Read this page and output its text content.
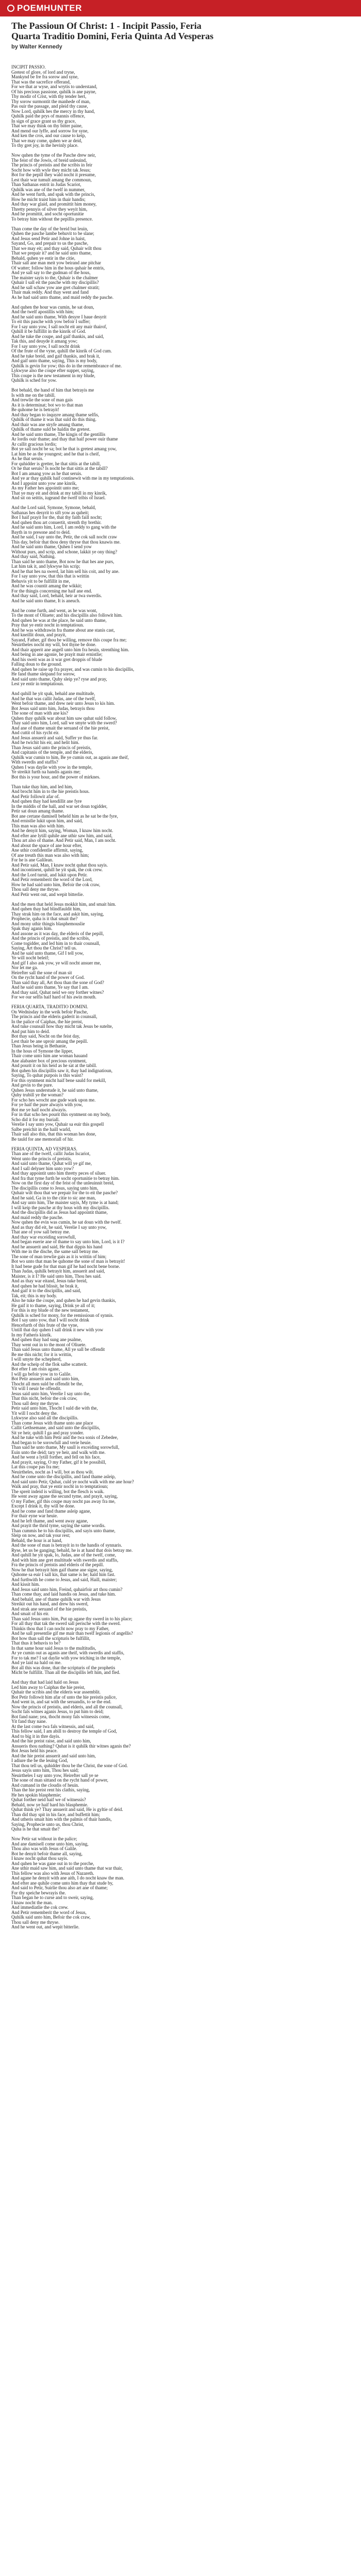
POEMHUNTER
The Passioun Of Christ: 1 - Incipit Passio, Feria
Quarta Traditio Domini, Feria Quinta Ad Vesperas
by Walter Kennedy
INCIPIT PASSIO.
Gretest of glore, of lord and tryne,
Mankynd be fre fra sorow and syne,
That was the sacrefice offerand,
For we that ar wyse, and wrytis to understand,
Of his precious passione, quhilk is ane payne,
Thy modir of Crist, with thy tender hert,
Thy sorow surmontit the manhede of man,
Pas ouir the passage, and pleid thy cause,
Now Lord, quhilk hes the mercy in thy hand,
Quhilk paid the prys of mannis offence,
In sign of grace grant us thy grace,
That we may think on thy bitter paine,
And mend our lyffe, and sorrow for syne,
And ken the cros, and our cause to keip,
That we may come, quhen we ar deid,
To thy gret joy, in the hevinly place.
Now quhen the tyme of the Pasche drew neir,
The feist of the Jowis, of breid unleuind,
The princis of preistis and the scribis in feir
Socht how with wyle they micht tak Jesus;
Bot for the pepill they wald nocht it presume,
Lest thair war tumult amang the commoun,
Than Sathanas entrit in Judas Scariot,
Quhilk was ane of the twelf in nummer,
And he went furth, and spak with the princis,
How he micht traist him in thair handis;
And thay war glaid, and promittit him money,
Thretty pennyis of silver they weyit him,
And he promittit, and socht oportunitie
To betray him without the pepillis presence.
Than come the day of the breid but leuin,
Quhen the pasche lambe behuvit to be slane;
And Jesus send Petir and Johne in haist,
Sayand, Go, and prepair to us the pasche,
That we may eit; and thay said, Quhair wilt thou
That we prepair it? and he said unto thame,
Behald, quhen ye entir in the citie,
Thair sall ane man meit yow beirand ane pitchar
Of watter; follow him in the hous quhair he entris,
And ye sall say to the gudman of the hous,
The maister sayis to the, Quhair is the chalmer
Quhair I sall eit the pasche with my discipillis?
And he sall schaw yow ane gret chalmer stratit;
Thair mak reddy. And thay went and fand
As he had said unto thame, and maid reddy the pasche.
And quhen the hour was cumin, he sat doun,
And the twelf apostillis with him;
And he said unto thame, With desyre I haue desyrit
To eit this pasche with yow befoir I suffer;
For I say unto yow, I sall nocht eit any mair thairof,
Quhill it be fulfillit in the kinrik of God.
And he tuke the coupe, and gaif thankis, and said,
Tak this, and deuyde it amang yow;
For I say unto yow, I sall nocht drink
Of the frute of the vyne, quhill the kinrik of God cum.
And he tuke breid, and gaif thankis, and brak it,
And gaif unto thame, saying, This is my body,
Quhilk is gevin for yow; this do in the remembrance of me.
Lykwyse also the coupe efter supper, saying,
This coupe is the new testament in my blude,
Quhilk is sched for yow.
Bot behald, the hand of him that betrayis me
Is with me on the tabill.
And trewlie the sone of man gais
As it is determinat; bot wo to that man
Be quhome he is betrayit!
And thay began to inquyre amang thame selfis,
Quhilk of thame it was that suld do this thing.
And thair was ane stryfe amang thame,
Quhilk of thame suld be haldin the gretest.
And he said unto thame, The kingis of the gentillis
Ar lordis ouir thame; and thay that haif power ouir thame
Ar callit gracious lordis;
Bot ye sall nocht be sa; bot he that is gretest amang yow,
Lat him be as the youngest; and he that is cheif,
As he that seruis.
For quhidder is gretter, he that sittis at the tabill,
Or he that seruis? Is nocht he that sittis at the tabill?
Bot I am amang yow as he that seruis.
And ye ar thay quhilk haif continewit with me in my temptationis.
And I appoint unto yow ane kinrik,
As my Father hes appointit unto me;
That ye may eit and drink at my tabill in my kinrik,
And sit on seittis, iugeand the twelf tribis of Israel.
And the Lord said, Symone, Symone, behald,
Sathanas hes desyrit to sift yow as quheit;
Bot I haif prayit for the, that thy faith faill nocht;
And quhen thou art conuertit, strenth thy brethir.
And he said unto him, Lord, I am reddy to gang with the
Bayth in to presone and to deid.
And he said, I say unto the, Petir, the cok sall nocht craw
This day, befoir that thou deny thryse that thou knawis me.
And he said unto thame, Quhen I send yow
Without purs, and scrip, and schone, lakkit ye ony thing?
And thay said, Nathing.
Than said he unto thame, Bot now he that hes ane purs,
Lat him tak it, and lykwyse his scrip;
And he that hes na swerd, lat him sell his coit, and by ane.
For I say unto yow, that this that is writtin
Behuvis yit to be fulfillit in me,
And he was countit amang the wikkit;
For the thingis concerning me haif ane end.
And thay said, Lord, behald, heir ar twa swerdis.
And he said unto thame, It is aneuch.
And he come furth, and went, as he was wont,
To the mont of Oliuete; and his discipillis also followit him.
And quhen he was at the place, he said unto thame,
Pray that ye entir nocht in temptatioun.
And he was withdrawin fra thame about ane stanis cast,
And kneillit doun, and prayit,
Sayand, Father, gif thou be willing, remove this coupe fra me;
Neuirtheles nocht my will, bot thyne be done.
And thair apperit ane angell unto him fra heuin, strenthing him.
And being in ane agonie, he prayit mair ernistlie;
And his sweit was as it war gret droppis of blude
Falling doun to the ground.
And quhen he raise up fra prayer, and was cumin to his discipillis,
He fand thame sleipand for sorow,
And said unto thame, Quhy sleip ye? ryse and pray,
Lest ye entir in temptatioun.
And quhill he yit spak, behald ane multitude,
And he that was callit Judas, ane of the twelf,
Went befoir thame, and drew neir unto Jesus to kis him.
Bot Jesus said unto him, Judas, betrayis thou
The sone of man with ane kis?
Quhen thay quhilk war about him saw quhat suld follow,
Thay said unto him, Lord, sall we smyte with the swerd?
And ane of thame smait the seruand of the hie preist,
And cuttit of his rycht eir.
And Jesus ansuerit and said, Suffer ye thus far.
And he twichit his eir, and helit him.
Than Jesus said unto the princis of preistis,
And capitanis of the temple, and the elderis,
Quhilk war cumin to him, Be ye cumin out, as aganis ane theif,
With swerdis and staffis?
Quhen I was daylie with yow in the temple,
Ye streikit furth na handis aganis me;
Bot this is your hour, and the power of mirknes.
Than tuke thay him, and led him,
And brocht him in to the hie preistis hous.
And Petir followit afar of.
And quhen thay had kendillit ane fyre
In the middis of the hall, and war set doun togidder,
Petir sat doun amang thame.
Bot ane certane damisell beheld him as he sat be the fyre,
And ernistlie lukit upon him, and said,
This man was also with him.
And he denyit him, saying, Woman, I knaw him nocht.
And efter ane lytill quhile ane uthir saw him, and said,
Thou art also of thame. And Petir said, Man, I am nocht.
And about the space of ane hour efter,
Ane uthir confidentlie affirmit, saying,
Of ane treuth this man was also with him;
For he is ane Galilean.
And Petir said, Man, I knaw nocht quhat thou sayis.
And incontinent, quhill he yit spak, the cok crew.
And the Lord turnit, and lukit upon Petir.
And Petir rememberit the word of the Lord,
How he had said unto him, Befoir the cok craw,
Thou sall deny me thryse.
And Petir went out, and wepit bitterlie.
And the men that held Jesus mokkit him, and smait him.
And quhen thay had blindfauldit him,
Thay strak him on the face, and askit him, saying,
Prophecie, quha is it that smait the?
And mony uthir thingis blasphemouslie
Spak thay aganis him.
And assone as it was day, the elderis of the pepill,
And the princis of preistis, and the scribis,
Come togidder, and led him in to thair counsall,
Saying, Art thou the Christ? tell us.
And he said unto thame, Gif I tell yow,
Ye will nocht beleif;
And gif I also ask yow, ye will nocht ansuer me,
Nor let me ga.
Heirefter sall the sone of man sit
On the rycht hand of the power of God.
Than said thay all, Art thou than the sone of God?
And he said unto thame, Ye say that I am.
And thay said, Quhat neid we ony forther witnes?
For we our selfis haif hard of his awin mouth.
FERIA QUARTA, TRADITIO DOMINI.
On Wednisday in the weik befoir Pasche,
The princis and the elderis gaderit in counsall,
In the palice of Caiphas, the hie preist,
And tuke counsall how thay micht tak Jesus be sutelte,
And put him to deid.
Bot thay said, Nocht on the feist day,
Lest thair be ane uproir amang the pepill.
Than Jesus being in Bethanie,
In the hous of Symone the lipper,
Thair come unto him ane woman hauand
Ane alabaster box of precious oyntment,
And pourit it on his heid as he sat at the tabill.
Bot quhen his discipillis saw it, thay had indignatioun,
Saying, To quhat purpois is this waist?
For this oyntment micht haif bene sauld for mekill,
And gevin to the pure.
Quhen Jesus understude it, he said unto thame,
Quhy trubill ye the woman?
For scho hes wrocht ane gude wark upon me.
For ye haif the pure alwayis with yow,
Bot me ye haif nocht alwayis.
For in that scho hes pourit this oyntment on my body,
Scho did it for my buriall.
Verelie I say unto yow, Quhair sa euir this gospell
Salbe preichit in the haill warld,
Thair sall also this, that this woman hes done,
Be tauld for ane memoriall of hir.
FERIA QUINTA, AD VESPERAS.
Than ane of the twelf, callit Judas Iscariot,
Went unto the princis of preistis,
And said unto thame, Quhat will ye gif me,
And I sall delyuer him unto yow?
And thay appointit unto him thretty peces of siluer.
And fra that tyme furth he socht oportunitie to betray him.
Now on the first day of the feist of the unleuinnit breid,
The discipillis come to Jesus, saying unto him,
Quhair wilt thou that we prepair for the to eit the pasche?
And he said, Ga in to the citie to sic ane man,
And say unto him, The maister sayis, My tyme is at hand;
I will keip the pasche at thy hous with my discipillis.
And the discipillis did as Jesus had appointit thame,
And maid reddy the pasche.
Now quhen the evin was cumin, he sat doun with the twelf.
And as thay did eit, he said, Verelie I say unto yow,
That ane of yow sall betray me.
And thay war exceiding sorowfull,
And began euerie ane of thame to say unto him, Lord, is it I?
And he ansuerit and said, He that dippis his hand
With me in the dische, the same sall betray me.
The sone of man trewlie gais as it is writtin of him;
Bot wo unto that man be quhome the sone of man is betrayit!
It had bene gude for that man gif he had nocht bene borne.
Than Judas, quhilk betrayit him, ansuerit and said,
Maister, is it I? He said unto him, Thou hes said.
And as thay war eitand, Jesus tuke breid,
And quhen he had blissit, he brak it,
And gaif it to the discipillis, and said,
Tak, eit; this is my body.
Also he tuke the coupe, and quhen he had gevin thankis,
He gaif it to thame, saying, Drink ye all of it;
For this is my blude of the new testament,
Quhilk is sched for mony, for the remissioun of synnis.
Bot I say unto yow, that I will nocht drink
Hencefurth of this frute of the vyne,
Untill that day quhen I sall drink it new with yow
In my Fatheris kinrik.
And quhen thay had sung ane psalme,
Thay went out in to the mont of Oliuete.
Than said Jesus unto thame, All ye sall be offendit
Be me this nicht; for it is writtin,
I will smyte the schepherd,
And the scheip of the flok salbe scatterit.
Bot efter I am risin agane,
I will ga befoir yow in to Galile.
Bot Petir ansuerit and said unto him,
Thocht all men suld be offendit be the,
Yit will I neuir be offendit.
Jesus said unto him, Verelie I say unto the,
That this nicht, befoir the cok craw,
Thou sall deny me thryse.
Petir said unto him, Thocht I suld die with the,
Yit will I nocht deny the.
Lykwyse also said all the discipillis.
Than come Jesus with thame unto ane place
Callit Gethsemane, and said unto the discipillis,
Sit ye heir, quhill I ga and pray yonder.
And he tuke with him Petir and the twa sonis of Zebedee,
And began to be sorowfull and verie heuie.
Than said he unto thame, My saull is exceiding sorowfull,
Euin unto the deid; tary ye heir, and walk with me.
And he went a lytill forther, and fell on his face,
And prayit, saying, O my Father, gif it be possibill,
Lat this coupe pas fra me;
Neuirtheles, nocht as I will, bot as thou wilt.
And he come unto the discipillis, and fand thame asleip,
And said unto Petir, Quhat, culd ye nocht walk with me ane hour?
Walk and pray, that ye entir nocht in to temptatioun;
The spreit indeid is willing, bot the flesch is waik.
He went away agane the secund tyme, and prayit, saying,
O my Father, gif this coupe may nocht pas away fra me,
Except I drink it, thy will be done.
And he come and fand thame asleip agane,
For thair eyne war heuie.
And he left thame, and went away agane,
And prayit the thrid tyme, saying the same wordis.
Than cummis he to his discipillis, and sayis unto thame,
Sleip on now, and tak your rest;
Behald, the hour is at hand,
And the sone of man is betrayit in to the handis of synnaris.
Ryse, let us be ganging; behald, he is at hand that dois betray me.
And quhill he yit spak, lo, Judas, ane of the twelf, come,
And with him ane gret multitude with swerdis and staffis,
Fra the princis of preistis and elderis of the pepill.
Now he that betrayit him gaif thame ane signe, saying,
Quhome sa euir I sall kis, that same is he; hald him fast.
And furthwith he come to Jesus, and said, Haill, maister;
And kissit him.
And Jesus said unto him, Freind, quhairfoir art thou cumin?
Than come thay, and laid handis on Jesus, and tuke him.
And behald, ane of thame quhilk war with Jesus
Streikit out his hand, and drew his swerd,
And strak ane seruand of the hie preistis,
And smait of his eir.
Than said Jesus unto him, Put up agane thy swerd in to his place;
For all thay that tak the swerd sall perische with the swerd.
Thinkis thou that I can nocht now pray to my Father,
And he sall presentlie gif me mair than twelf legionis of angellis?
Bot how than sall the scripturis be fulfillit,
That thus it behuvis to be?
In that same hour said Jesus to the multitudis,
Ar ye cumin out as aganis ane theif, with swerdis and staffis,
For to tak me? I sat daylie with yow teiching in the temple,
And ye laid na hald on me.
Bot all this was done, that the scripturis of the prophetis
Micht be fulfillit. Than all the discipillis left him, and fled.
And thay that had laid hald on Jesus
Led him away to Caiphas the hie preist,
Quhair the scribis and the elderis war assemblit.
Bot Petir followit him afar of unto the hie preistis palice,
And went in, and sat with the seruandis, to se the end.
Now the princis of preistis, and elderis, and all the counsall,
Socht fals witnes aganis Jesus, to put him to deid;
Bot fand nane; yea, thocht mony fals witnessis come,
Yit fand thay nane.
At the last come twa fals witnessis, and said,
This fellow said, I am abill to destroy the temple of God,
And to big it in thre dayis.
And the hie preist raise, and said unto him,
Ansueris thou nathing? Quhat is it quhilk thir witnes aganis the?
Bot Jesus held his peace.
And the hie preist ansuerit and said unto him,
I adiure the be the leuing God,
That thou tell us, quhidder thou be the Christ, the sone of God.
Jesus sayis unto him, Thou hes said;
Neuirtheles I say unto yow, Heirefter sall ye se
The sone of man sittand on the rycht hand of power,
And cumand in the cloudis of heuin.
Than the hie preist rent his clathis, saying,
He hes spokin blasphemie;
Quhat forther neid haif we of witnessis?
Behald, now ye haif hard his blasphemie.
Quhat think ye? Thay ansuerit and said, He is gyltie of deid.
Than did thay spit in his face, and buffettit him;
And utheris smait him with the palmis of thair handis,
Saying, Prophecie unto us, thou Christ,
Quha is he that smait the?
Now Petir sat without in the palice;
And ane damisell come unto him, saying,
Thou also was with Jesus of Galile.
Bot he denyit befoir thame all, saying,
I knaw nocht quhat thou sayis.
And quhen he was gane out in to the porche,
Ane uthir maid saw him, and said unto thame that war thair,
This fellow was also with Jesus of Nazareth.
And agane he denyit with ane aith, I do nocht knaw the man.
And efter ane quhile come unto him thay that stude by,
And said to Petir, Suirlie thou also art ane of thame;
For thy speiche bewrayis the.
Than began he to curse and to sweir, saying,
I knaw nocht the man.
And immediatlie the cok crew.
And Petir rememberit the word of Jesus,
Quhilk said unto him, Befoir the cok craw,
Thou sall deny me thryse.
And he went out, and wepit bitterlie.
